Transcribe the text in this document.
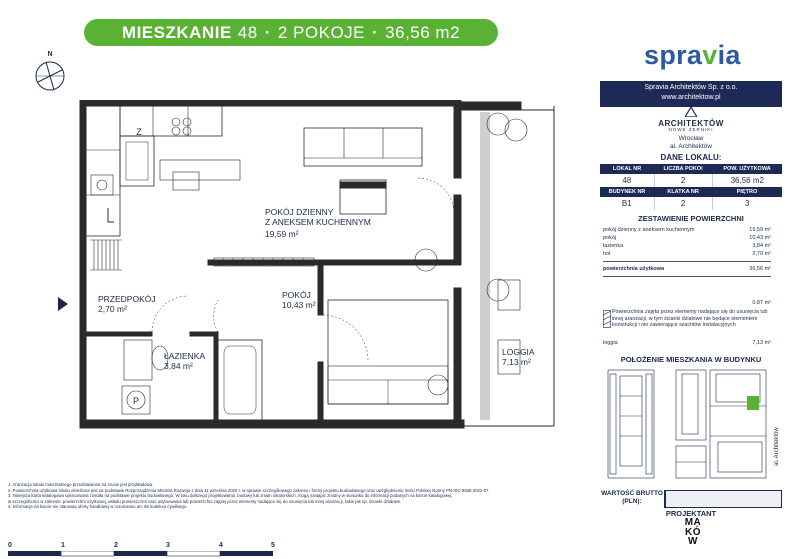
MIESZKANIE 48 · 2 POKOJE · 36,56 m2
spravia
N
Z
P
POKÓJ DZIENNY
Z ANEKSEM KUCHENNYM
19,59 m²
POKÓJ
10,43 m²
PRZEDPOKÓJ
2,70 m²
ŁAZIENKA
3,84 m²
LOGGIA
7,13 m²
Spravia Architektów Sp. z o.o.
www.architektow.pl
ARCHITEKTÓW
NOWE ŻERNIKI
Wrocław
al. Architektów
DANE LOKALU:
LOKAL NR	LICZBA POKOI	POW. UŻYTKOWA
48	2	36,56 m2
BUDYNEK NR	KLATKA NR	PIĘTRO
B1	2	3
ZESTAWIENIE POWIERZCHNI
pokój dzienny z aneksem kuchennym	19,59 m²
pokój	10,43 m²
łazienka	3,84 m²
hol	2,70 m²
powierzchnia użytkowa	36,56 m²
0,87 m²
Powierzchnia zajęta przez elementy nadające się do usunięcia lub innej aranżacji, w tym ścianki działowe nie będące elementem konstrukcji i nie zawierające szachtów instalacyjnych
loggia	7,13 m²
POŁOŻENIE MIESZKANIA W BUDYNKU
al. Architektów
WARTOŚĆ BRUTTO (PLN):
PROJEKTANT
MA
KÓ
W
1. Aranżacja lokalu mieszkalnego przedstawiona na rzucie jest przykładowa.
2. Powierzchnia użytkowa lokalu określona jest na podstawie Rozporządzenia Ministra Rozwoju z dnia 11 września 2020 r. w sprawie szczegółowego zakresu i formy projektu budowlanego oraz uwzględnieniu treści Polskiej Normy PN-ISO 9836:2022-07.
3. Niniejsza karta katalogowa opracowana została na podstawie projektu budowlanego. W toku dalszego projektowania, budowy lub zmian lokatorskich, mogą nastąpić zmiany w stosunku do informacji podanych na karcie katalogowej,
w szczególności w zakresie: powierzchni użytkowej, układu pomieszczeń oraz usytuowania lub powierzchni zajętej przez elementy nadające się do usunięcia lub innej aranżacji, takie jak np. ścianki działowe.
4. Informacje na karcie nie stanowią oferty handlowej w rozumieniu art. 66 kodeksu cywilnego.
0	1	2	3	4	5
